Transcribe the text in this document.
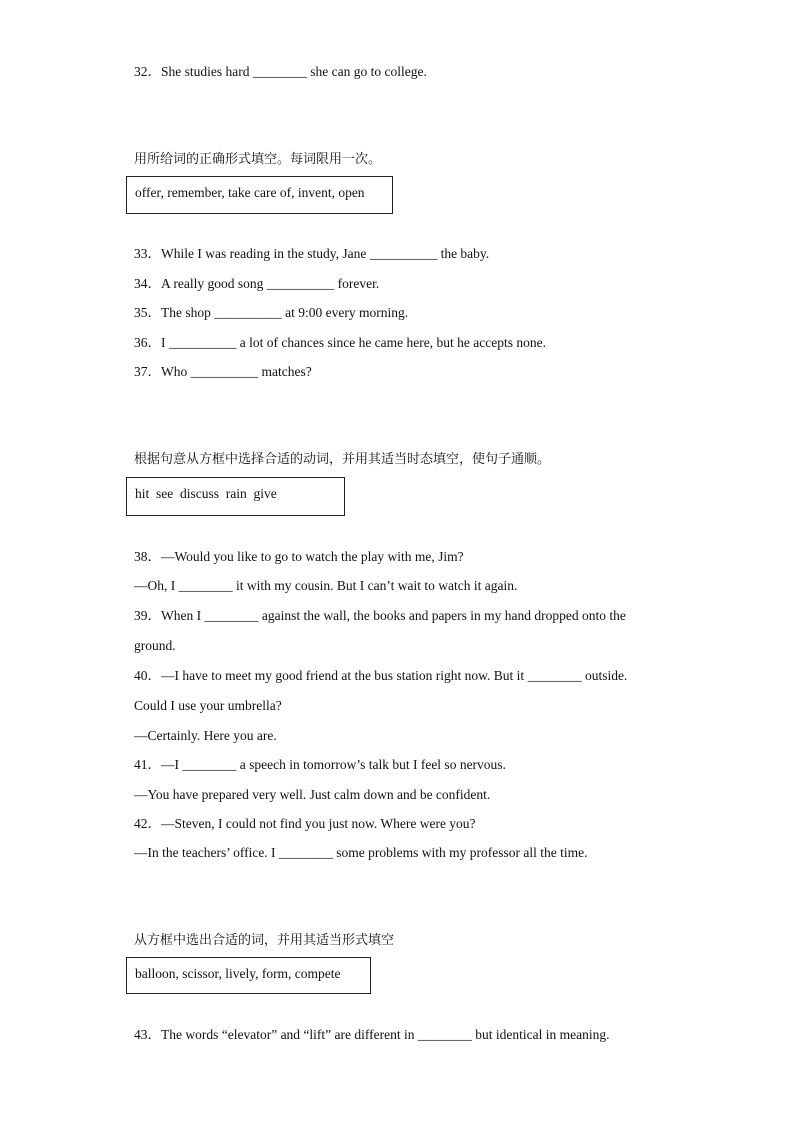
32．She studies hard ________ she can go to college.
用所给词的正确形式填空。每词限用一次。
offer, remember, take care of, invent, open
33．While I was reading in the study, Jane __________ the baby.
34．A really good song __________ forever.
35．The shop __________ at 9:00 every morning.
36．I __________ a lot of chances since he came here, but he accepts none.
37．Who __________ matches?
根据句意从方框中选择合适的动词，并用其适当时态填空，使句子通顺。
hit  see  discuss  rain  give
38．—Would you like to go to watch the play with me, Jim?
—Oh, I ________ it with my cousin. But I can’t wait to watch it again.
39．When I ________ against the wall, the books and papers in my hand dropped onto the
ground.
40．—I have to meet my good friend at the bus station right now. But it ________ outside.
Could I use your umbrella?
—Certainly. Here you are.
41．—I ________ a speech in tomorrow’s talk but I feel so nervous.
—You have prepared very well. Just calm down and be confident.
42．—Steven, I could not find you just now. Where were you?
—In the teachers’ office. I ________ some problems with my professor all the time.
从方框中选出合适的词，并用其适当形式填空
balloon, scissor, lively, form, compete
43．The words “elevator” and “lift” are different in ________ but identical in meaning.
